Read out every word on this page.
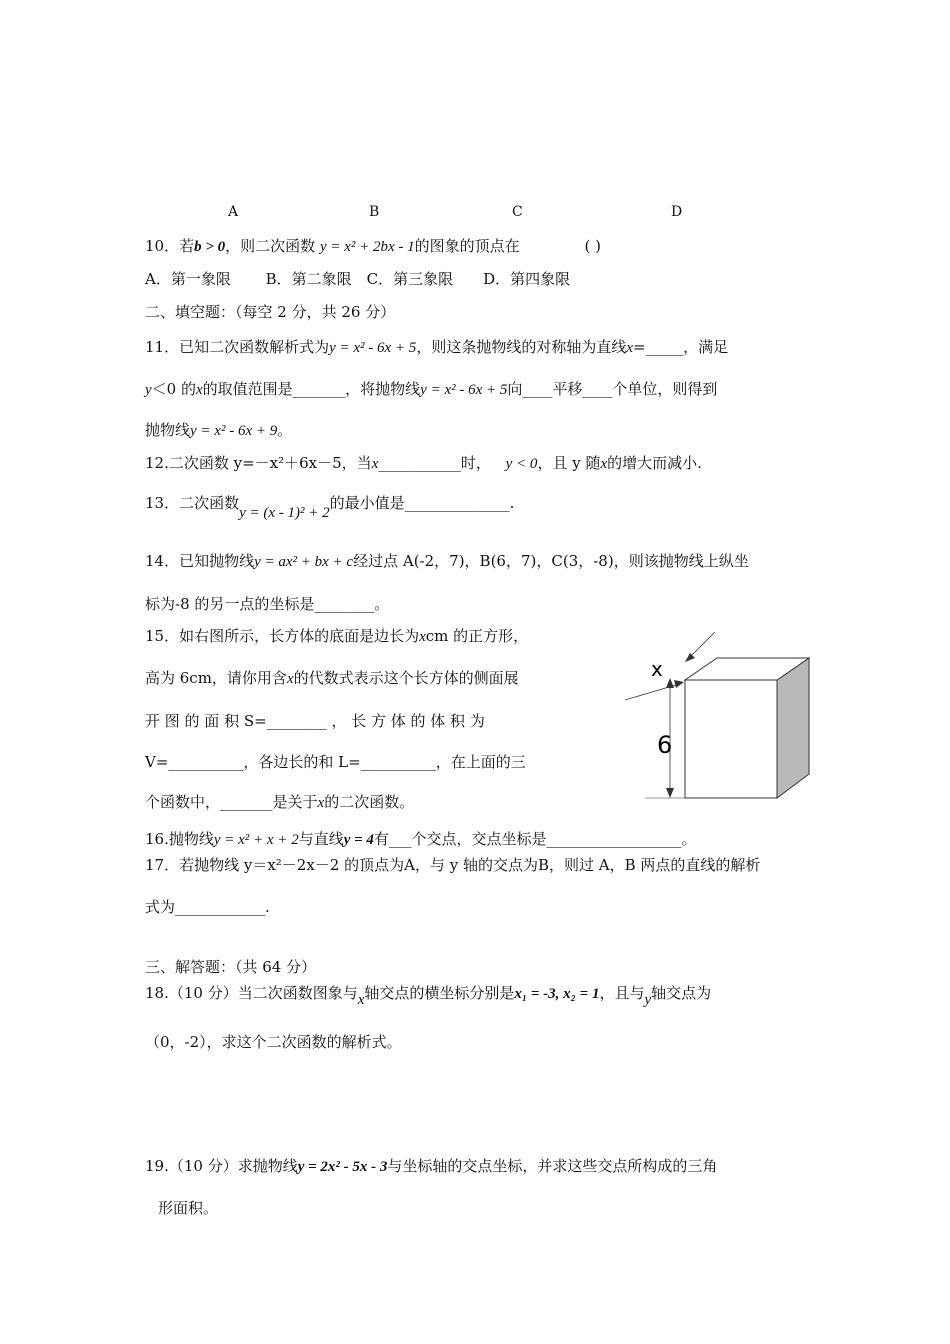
A	B	C	D
10．若b > 0，则二次函数 y = x² + 2bx - 1的图象的顶点在	( )
A．第一象限　　 B．第二象限　C．第三象限　　D．第四象限
二、填空题：（每空 2 分，共 26 分）
11．已知二次函数解析式为y = x² - 6x + 5，则这条抛物线的对称轴为直线x=_____，满足
y＜0 的x的取值范围是_______，将抛物线y = x² - 6x + 5向____平移____个单位，则得到
抛物线y = x² - 6x + 9。
12.二次函数 y=－x²＋6x－5，当x___________时， y < 0，且 y 随x的增大而减小.
13．二次函数y = (x - 1)² + 2的最小值是______________.
14．已知抛物线y = ax² + bx + c经过点 A(-2，7)，B(6，7)，C(3，-8)，则该抛物线上纵坐
标为-8 的另一点的坐标是________。
15．如右图所示，长方体的底面是边长为xcm 的正方形，
高为 6cm，请你用含x的代数式表示这个长方体的侧面展
开 图 的 面 积 S=________ ， 长 方 体 的 体 积 为
V=__________，各边长的和 L=__________，在上面的三
个函数中，_______是关于x的二次函数。
x
6
16.抛物线y = x² + x + 2与直线y = 4有___个交点，交点坐标是__________________。
17．若抛物线 y＝x²－2x－2 的顶点为A，与 y 轴的交点为B，则过 A，B 两点的直线的解析
式为____________.
三、解答题：（共 64 分）
18.（10 分）当二次函数图象与x轴交点的横坐标分别是x₁ = -3, x₂ = 1，且与y轴交点为
（0，-2），求这个二次函数的解析式。
19.（10 分）求抛物线y = 2x² - 5x - 3与坐标轴的交点坐标，并求这些交点所构成的三角
形面积。
